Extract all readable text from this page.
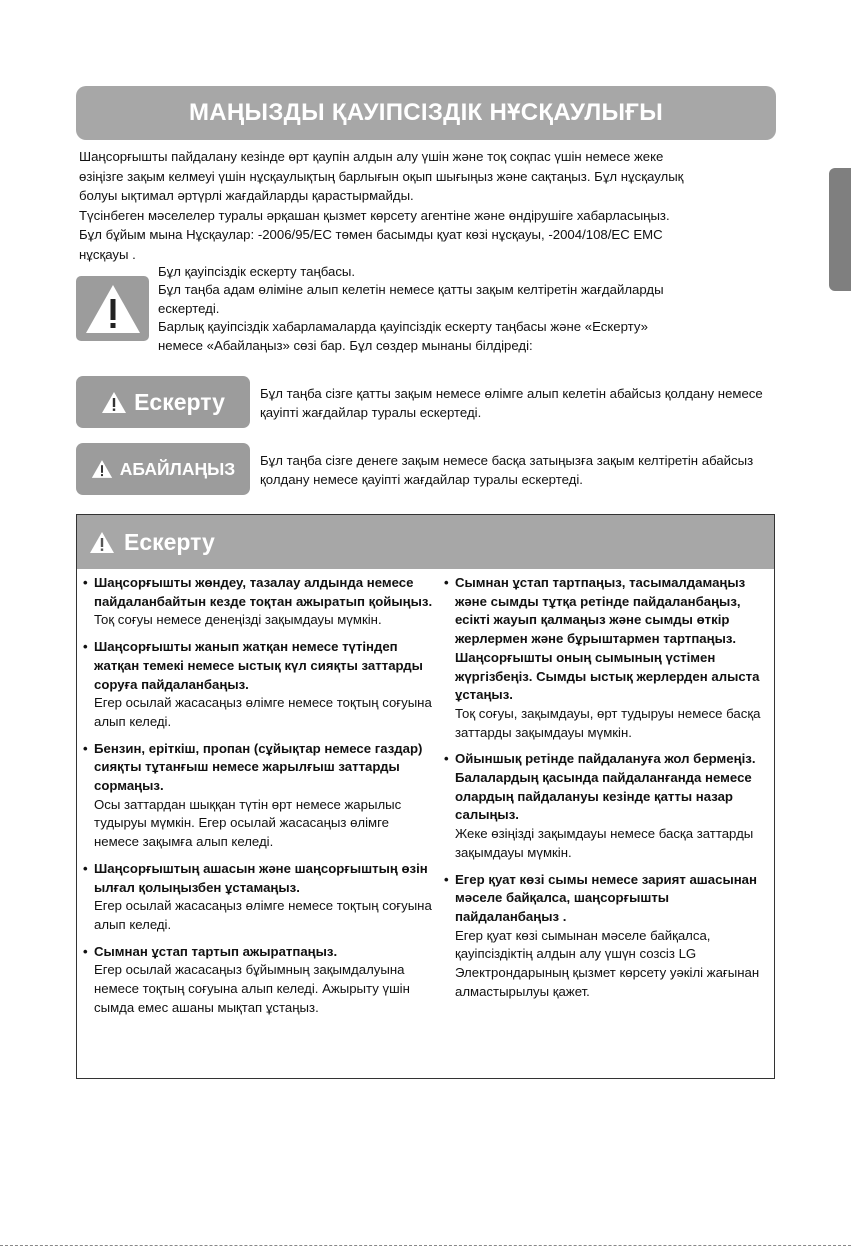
МАҢЫЗДЫ ҚАУІПСІЗДІК НҰСҚАУЛЫҒЫ

Шаңсорғышты пайдалану кезінде өрт қаупін алдын алу үшін және тоқ соқпас үшін немесе жеке

өзіңізге зақым келмеуі үшін нұсқаулықтың барлығын оқып шығыңыз және сақтаңыз. Бұл нұсқаулық

болуы ықтимал әртүрлі жағдайларды қарастырмайды.

Түсінбеген мәселелер туралы әрқашан қызмет көрсету агентіне және өндірушіге хабарласыңыз.

Бұл бұйым мына Нұсқаулар: -2006/95/EC төмен басымды қуат көзі нұсқауы, -2004/108/EC EMC

нұсқауы .

Бұл қауіпсіздік ескерту таңбасы.

Бұл таңба адам өліміне алып келетін немесе қатты зақым келтіретін жағдайларды

ескертеді.

Барлық қауіпсіздік хабарламаларда қауіпсіздік ескерту таңбасы және «Ескерту»

немесе «Абайлаңыз» сөзі бар. Бұл сөздер мынаны білдіреді:

Ескерту	Бұл таңба сізге қатты зақым немесе өлімге алып келетін абайсыз қолдану немесе қауіпті жағдайлар туралы ескертеді.
АБАЙЛАҢЫЗ Бұл таңба сізге денеге зақым немесе басқа затыңызға зақым келтіретін абайсыз қолдану немесе қауіпті жағдайлар туралы ескертеді.
Ескерту
• Шаңсорғышты жөндеу, тазалау алдында немесе пайдаланбайтын кезде тоқтан ажыратып қойыңыз.
Тоқ соғуы немесе денеңізді зақымдауы мүмкін.
• Шаңсорғышты жанып жатқан немесе түтіндеп жатқан темекі немесе ыстық күл сияқты заттарды соруға пайдаланбаңыз.
Егер осылай жасасаңыз өлімге немесе тоқтың соғуына алып келеді.
• Бензин, еріткіш, пропан (сұйықтар немесе газдар) сияқты тұтанғыш немесе жарылғыш заттарды сормаңыз.
Осы заттардан шыққан түтін өрт немесе жарылыс тудыруы мүмкін. Егер осылай жасасаңыз өлімге немесе зақымға алып келеді.
• Шаңсорғыштың ашасын және шаңсорғыштың өзін ылғал қолыңызбен ұстамаңыз.
Егер осылай жасасаңыз өлімге немесе тоқтың соғуына алып келеді.
• Сымнан ұстап тартып ажыратпаңыз.
Егер осылай жасасаңыз бұйымның зақымдалуына немесе тоқтың соғуына алып келеді. Ажырыту үшін сымда емес ашаны мықтап ұстаңыз.
• Сымнан ұстап тартпаңыз, тасымалдамаңыз және сымды тұтқа ретінде пайдаланбаңыз, есікті жауып қалмаңыз және сымды өткір жерлермен және бұрыштармен тартпаңыз. Шаңсорғышты оның сымының үстімен жүргізбеңіз. Сымды ыстық жерлерден алыста ұстаңыз.
Тоқ соғуы, зақымдауы, өрт тудыруы немесе басқа заттарды зақымдауы мүмкін.
• Ойыншық ретінде пайдалануға жол бермеңіз. Балалардың қасында пайдаланғанда немесе олардың пайдалануы кезінде қатты назар салыңыз.
Жеке өзіңізді зақымдауы немесе басқа заттарды зақымдауы мүмкін.
• Егер қуат көзі сымы немесе зарият ашасынан мәселе байқалса, шаңсорғышты пайдаланбаңыз .
Егер қуат көзі сымынан мәселе байқалса, қауіпсіздіктің алдын алу үшүн созсіз LG Электрондарының қызмет көрсету уәкілі жағынан алмастырылуы қажет.
